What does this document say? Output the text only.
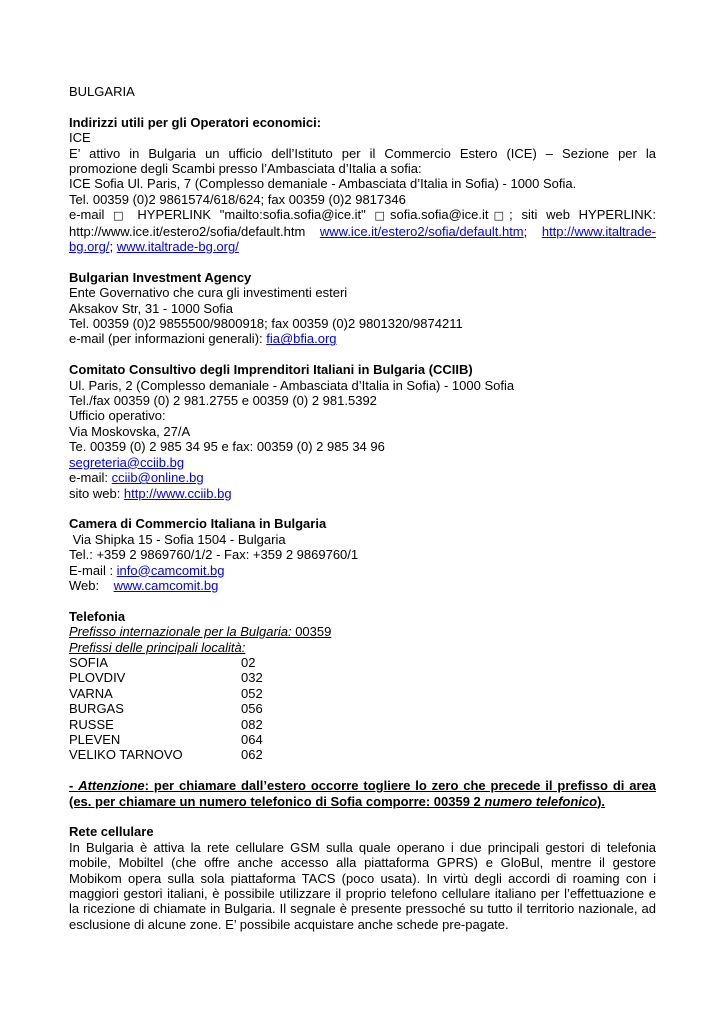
BULGARIA
Indirizzi utili per gli Operatori economici:
ICE
E’ attivo in Bulgaria un ufficio dell’Istituto per il Commercio Estero (ICE) – Sezione per la
promozione degli Scambi presso l’Ambasciata d’Italia a sofia:
ICE Sofia Ul. Paris, 7 (Complesso demaniale - Ambasciata d’Italia in Sofia) - 1000 Sofia.
Tel. 00359 (0)2 9861574/618/624; fax 00359 (0)2 9817346
e-mail □ HYPERLINK "mailto:sofia.sofia@ice.it" □sofia.sofia@ice.it□; siti web HYPERLINK:
http://www.ice.it/estero2/sofia/default.htm www.ice.it/estero2/sofia/default.htm; http://www.italtrade-
bg.org/; www.italtrade-bg.org/
Bulgarian Investment Agency
Ente Governativo che cura gli investimenti esteri
Aksakov Str, 31 - 1000 Sofia
Tel. 00359 (0)2 9855500/9800918; fax 00359 (0)2 9801320/9874211
e-mail (per informazioni generali): fia@bfia.org
Comitato Consultivo degli Imprenditori Italiani in Bulgaria (CCIIB)
Ul. Paris, 2 (Complesso demaniale - Ambasciata d’Italia in Sofia) - 1000 Sofia
Tel./fax 00359 (0) 2 981.2755 e 00359 (0) 2 981.5392
Ufficio operativo:
Via Moskovska, 27/A
Te. 00359 (0) 2 985 34 95 e fax: 00359 (0) 2 985 34 96
segreteria@cciib.bg
e-mail: cciib@online.bg
sito web: http://www.cciib.bg
Camera di Commercio Italiana in Bulgaria
Via Shipka 15 - Sofia 1504 - Bulgaria
Tel.: +359 2 9869760/1/2 - Fax: +359 2 9869760/1
E-mail : info@camcomit.bg
Web:    www.camcomit.bg
Telefonia
Prefisso internazionale per la Bulgaria: 00359
Prefissi delle principali località:
SOFIA	02
PLOVDIV	032
VARNA	052
BURGAS	056
RUSSE	082
PLEVEN	064
VELIKO TARNOVO	062
- Attenzione: per chiamare dall’estero occorre togliere lo zero che precede il prefisso di area
(es. per chiamare un numero telefonico di Sofia comporre: 00359 2 numero telefonico).
Rete cellulare
In Bulgaria è attiva la rete cellulare GSM sulla quale operano i due principali gestori di telefonia mobile, Mobiltel (che offre anche accesso alla piattaforma GPRS) e GloBul, mentre il gestore Mobikom opera sulla sola piattaforma TACS (poco usata). In virtù degli accordi di roaming con i maggiori gestori italiani, è possibile utilizzare il proprio telefono cellulare italiano per l’effettuazione e la ricezione di chiamate in Bulgaria. Il segnale è presente pressoché su tutto il territorio nazionale, ad esclusione di alcune zone. E’ possibile acquistare anche schede pre-pagate.
